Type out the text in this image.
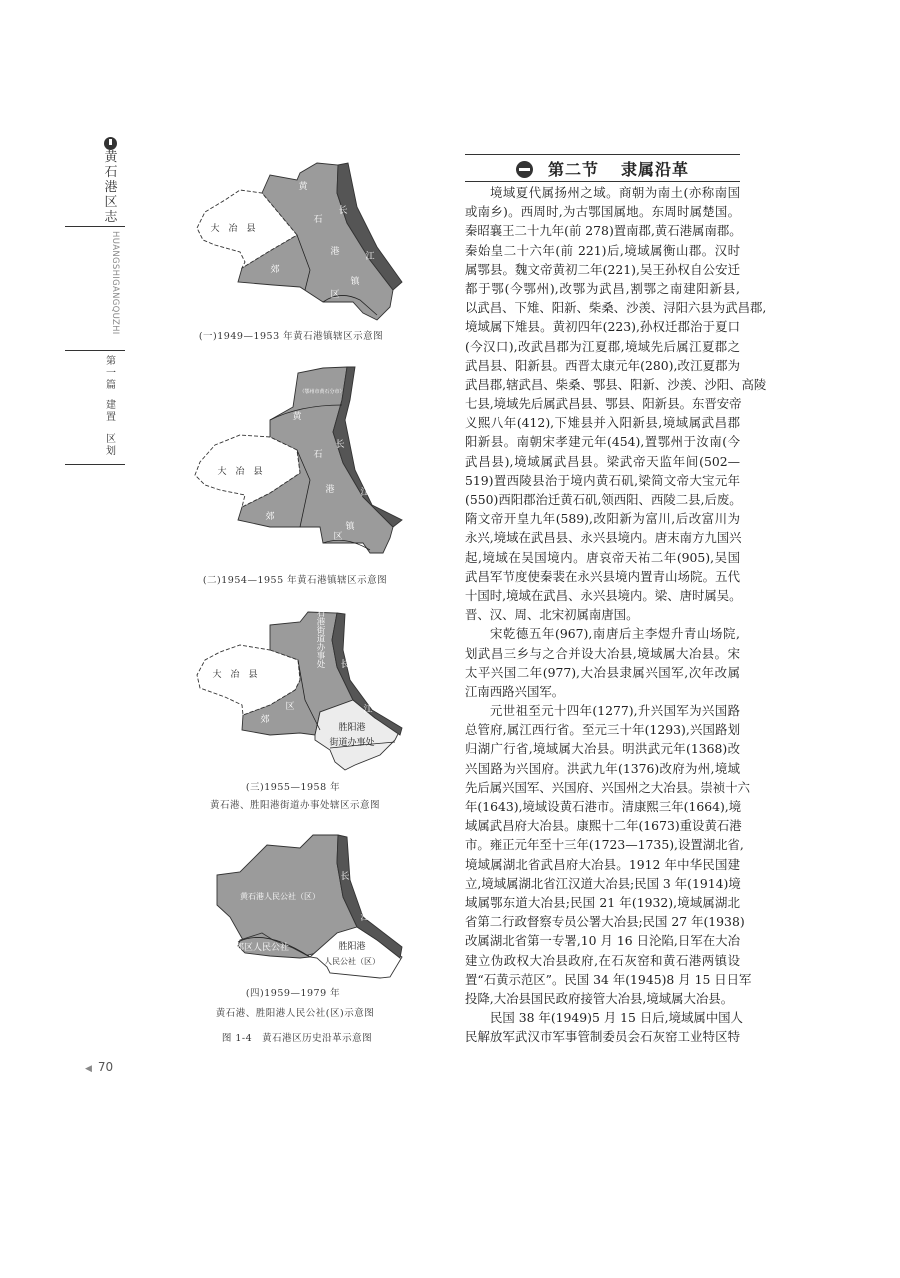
黄石港区志
HUANGSHIGANGQUZHI
第一篇
建置
区划
第二节 隶属沿革
境域夏代属扬州之域。商朝为南土(亦称南国
或南乡)。西周时,为古鄂国属地。东周时属楚国。
秦昭襄王二十九年(前 278)置南郡,黄石港属南郡。
秦始皇二十六年(前 221)后,境域属衡山郡。汉时
属鄂县。魏文帝黄初二年(221),吴王孙权自公安迁
都于鄂(今鄂州),改鄂为武昌,割鄂之南建阳新县,
以武昌、下雉、阳新、柴桑、沙羡、浔阳六县为武昌郡,
境域属下雉县。黄初四年(223),孙权迁郡治于夏口
(今汉口),改武昌郡为江夏郡,境域先后属江夏郡之
武昌县、阳新县。西晋太康元年(280),改江夏郡为
武昌郡,辖武昌、柴桑、鄂县、阳新、沙羡、沙阳、高陵
七县,境域先后属武昌县、鄂县、阳新县。东晋安帝
义熙八年(412),下雉县并入阳新县,境域属武昌郡
阳新县。南朝宋孝建元年(454),置鄂州于汝南(今
武昌县),境域属武昌县。梁武帝天监年间(502—
519)置西陵县治于境内黄石矶,梁简文帝大宝元年
(550)西阳郡治迁黄石矶,领西阳、西陵二县,后废。
隋文帝开皇九年(589),改阳新为富川,后改富川为
永兴,境域在武昌县、永兴县境内。唐末南方九国兴
起,境域在吴国境内。唐哀帝天祐二年(905),吴国
武昌军节度使秦裴在永兴县境内置青山场院。五代
十国时,境域在武昌、永兴县境内。梁、唐时属吴。
晋、汉、周、北宋初属南唐国。
宋乾德五年(967),南唐后主李煜升青山场院,
划武昌三乡与之合并设大冶县,境域属大冶县。宋
太平兴国二年(977),大冶县隶属兴国军,次年改属
江南西路兴国军。
元世祖至元十四年(1277),升兴国军为兴国路
总管府,属江西行省。至元三十年(1293),兴国路划
归湖广行省,境域属大冶县。明洪武元年(1368)改
兴国路为兴国府。洪武九年(1376)改府为州,境域
先后属兴国军、兴国府、兴国州之大冶县。崇祯十六
年(1643),境域设黄石港市。清康熙三年(1664),境
域属武昌府大冶县。康熙十二年(1673)重设黄石港
市。雍正元年至十三年(1723—1735),设置湖北省,
境域属湖北省武昌府大冶县。1912 年中华民国建
立,境域属湖北省江汉道大冶县;民国 3 年(1914)境
域属鄂东道大冶县;民国 21 年(1932),境域属湖北
省第二行政督察专员公署大冶县;民国 27 年(1938)
改属湖北省第一专署,10 月 16 日沦陷,日军在大冶
建立伪政权大冶县政府,在石灰窑和黄石港两镇设
置“石黄示范区”。民国 34 年(1945)8 月 15 日日军
投降,大冶县国民政府接管大冶县,境域属大冶县。
民国 38 年(1949)5 月 15 日后,境域属中国人
民解放军武汉市军事管制委员会石灰窑工业特区特
大　冶　县
黄
石
港
镇
长
江
郊
区
大　冶　县
黄
石
港
镇
长
江
郊
区
（鄂州市黄石分市）
大　冶　县
黄石港街道办事处 长
江
区
郊
胜阳港
街道办事处
黄石港人民公社（区）
长
江
郊区人民公社	胜阳港
人民公社（区）
(一)1949—1953 年黄石港镇辖区示意图
(二)1954—1955 年黄石港镇辖区示意图
(三)1955—1958 年
黄石港、胜阳港街道办事处辖区示意图
(四)1959—1979 年
黄石港、胜阳港人民公社(区)示意图
图 1-4　黄石港区历史沿革示意图
◀ 70
